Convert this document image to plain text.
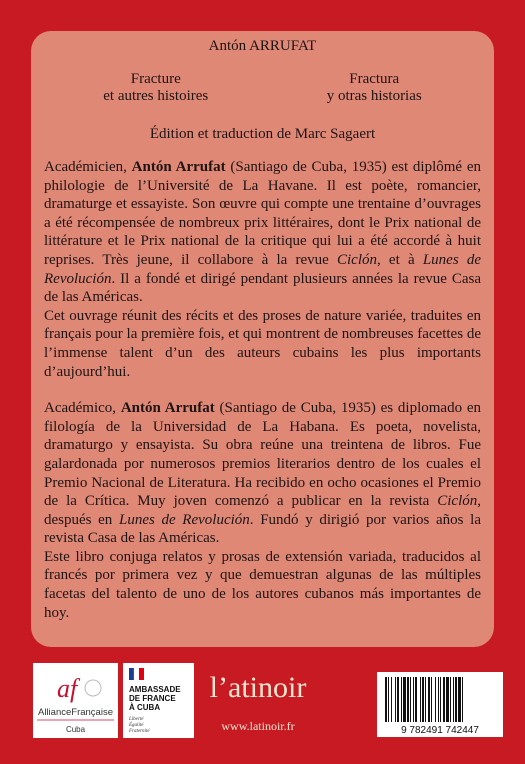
Antón ARRUFAT

Fracture
et autres histoires
Fractura
y otras historias

Édition et traduction de Marc Sagaert

Académicien, Antón Arrufat (Santiago de Cuba, 1935) est diplômé en philologie de l’Université de La Havane. Il est poète, romancier, dramaturge et essayiste. Son œuvre qui compte une trentaine d’ouvrages a été récompensée de nombreux prix littéraires, dont le Prix national de littérature et le Prix national de la critique qui lui a été accordé à huit reprises. Très jeune, il collabore à la revue Ciclón, et à Lunes de Revolución. Il a fondé et dirigé pendant plusieurs années la revue Casa de las Américas.
Cet ouvrage réunit des récits et des proses de nature variée, traduites en français pour la première fois, et qui montrent de nombreuses facettes de l’immense talent d’un des auteurs cubains les plus importants d’aujourd’hui.

Académico, Antón Arrufat (Santiago de Cuba, 1935) es diplomado en filología de la Universidad de La Habana. Es poeta, novelista, dramaturgo y ensayista. Su obra reúne una treintena de libros. Fue galardonada por numerosos premios literarios dentro de los cuales el Premio Nacional de Literatura. Ha recibido en ocho ocasiones el Premio de la Crítica. Muy joven comenzó a publicar en la revista Ciclón, después en Lunes de Revolución. Fundó y dirigió por varios años la revista Casa de las Américas.
Este libro conjuga relatos y prosas de extensión variada, traducidos al francés por primera vez y que demuestran algunas de las múltiples facetas del talento de uno de los autores cubanos más importantes de hoy.

af
AllianceFrançaise
Cuba
AMBASSADE
DE FRANCE
À CUBA
Liberté
Égalité
Fraternité
l’atinoir
www.latinoir.fr	9 782491 742447
